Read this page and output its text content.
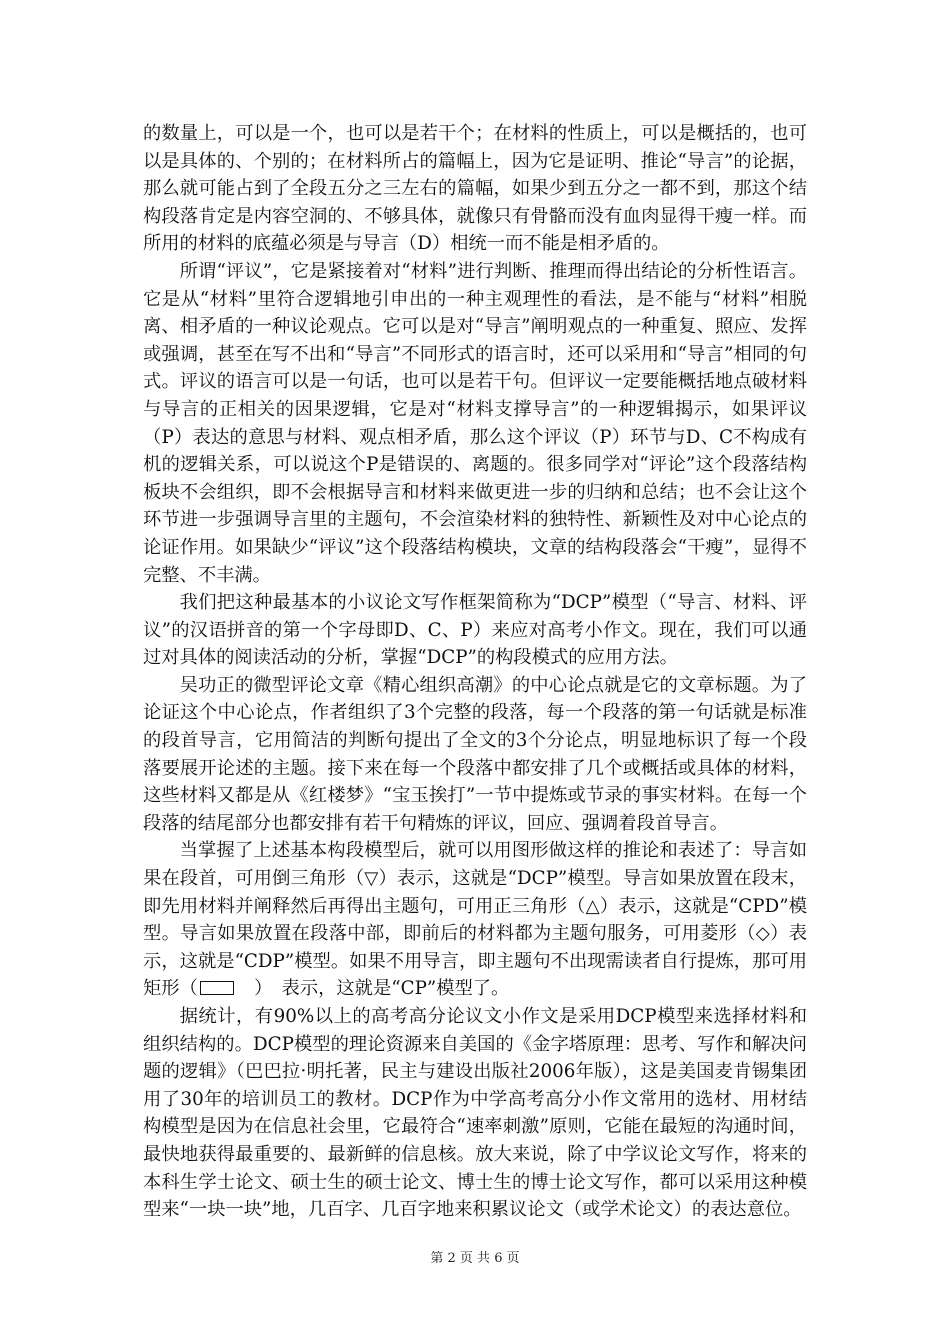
的数量上，可以是一个，也可以是若干个；在材料的性质上，可以是概括的，也可以是具体的、个别的；在材料所占的篇幅上，因为它是证明、推论“导言”的论据，那么就可能占到了全段五分之三左右的篇幅，如果少到五分之一都不到，那这个结构段落肯定是内容空洞的、不够具体，就像只有骨骼而没有血肉显得干瘦一样。而所用的材料的底蕴必须是与导言（D）相统一而不能是相矛盾的。

所谓“评议”，它是紧接着对“材料”进行判断、推理而得出结论的分析性语言。它是从“材料”里符合逻辑地引申出的一种主观理性的看法，是不能与“材料”相脱离、相矛盾的一种议论观点。它可以是对“导言”阐明观点的一种重复、照应、发挥或强调，甚至在写不出和“导言”不同形式的语言时，还可以采用和“导言”相同的句式。评议的语言可以是一句话，也可以是若干句。但评议一定要能概括地点破材料与导言的正相关的因果逻辑，它是对“材料支撑导言”的一种逻辑揭示，如果评议（P）表达的意思与材料、观点相矛盾，那么这个评议（P）环节与D、C不构成有机的逻辑关系，可以说这个P是错误的、离题的。很多同学对“评论”这个段落结构板块不会组织，即不会根据导言和材料来做更进一步的归纳和总结；也不会让这个环节进一步强调导言里的主题句，不会渲染材料的独特性、新颖性及对中心论点的论证作用。如果缺少“评议”这个段落结构模块，文章的结构段落会“干瘦”，显得不完整、不丰满。

我们把这种最基本的小议论文写作框架简称为“DCP”模型（“导言、材料、评议”的汉语拼音的第一个字母即D、C、P）来应对高考小作文。现在，我们可以通过对具体的阅读活动的分析，掌握“DCP”的构段模式的应用方法。

吴功正的微型评论文章《精心组织高潮》的中心论点就是它的文章标题。为了论证这个中心论点，作者组织了3个完整的段落，每一个段落的第一句话就是标准的段首导言，它用简洁的判断句提出了全文的3个分论点，明显地标识了每一个段落要展开论述的主题。接下来在每一个段落中都安排了几个或概括或具体的材料，这些材料又都是从《红楼梦》“宝玉挨打”一节中提炼或节录的事实材料。在每一个段落的结尾部分也都安排有若干句精炼的评议，回应、强调着段首导言。

当掌握了上述基本构段模型后，就可以用图形做这样的推论和表述了：导言如果在段首，可用倒三角形（▽）表示，这就是“DCP”模型。导言如果放置在段末，即先用材料并阐释然后再得出主题句，可用正三角形（△）表示，这就是“CPD”模型。导言如果放置在段落中部，即前后的材料都为主题句服务，可用菱形（◇）表示，这就是“CDP”模型。如果不用导言，即主题句不出现需读者自行提炼，那可用矩形（　）　表示，这就是“CP”模型了。

据统计，有90%以上的高考高分论议文小作文是采用DCP模型来选择材料和组织结构的。DCP模型的理论资源来自美国的《金字塔原理：思考、写作和解决问题的逻辑》（巴巴拉·明托著，民主与建设出版社2006年版），这是美国麦肯锡集团用了30年的培训员工的教材。DCP作为中学高考高分小作文常用的选材、用材结构模型是因为在信息社会里，它最符合“速率刺激”原则，它能在最短的沟通时间，最快地获得最重要的、最新鲜的信息核。放大来说，除了中学议论文写作，将来的本科生学士论文、硕士生的硕士论文、博士生的博士论文写作，都可以采用这种模型来“一块一块”地，几百字、几百字地来积累议论文（或学术论文）的表达意位。

第 2 页 共 6 页
